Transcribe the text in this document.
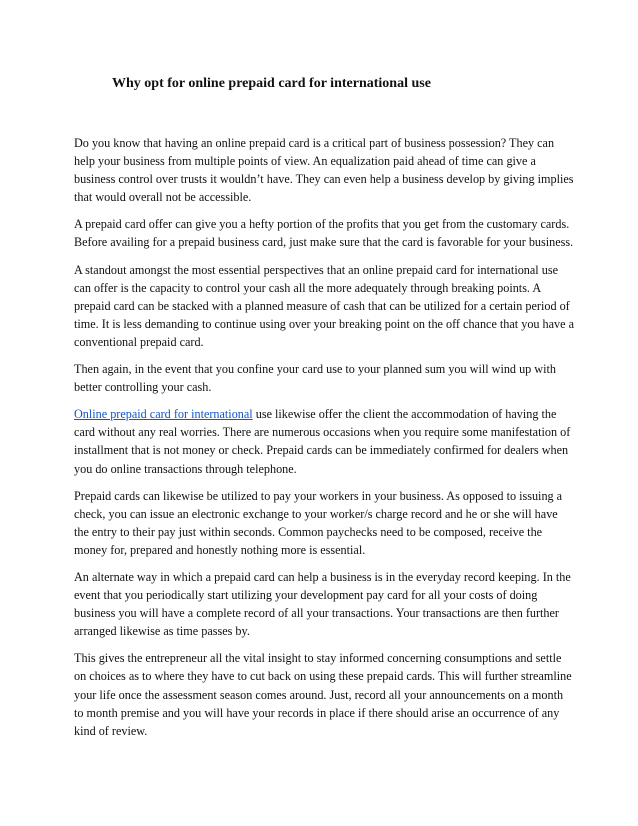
Why opt for online prepaid card for international use

Do you know that having an online prepaid card is a critical part of business possession? They can help your business from multiple points of view. An equalization paid ahead of time can give a business control over trusts it wouldn’t have. They can even help a business develop by giving implies that would overall not be accessible.

A prepaid card offer can give you a hefty portion of the profits that you get from the customary cards. Before availing for a prepaid business card, just make sure that the card is favorable for your business.

A standout amongst the most essential perspectives that an online prepaid card for international use can offer is the capacity to control your cash all the more adequately through breaking points. A prepaid card can be stacked with a planned measure of cash that can be utilized for a certain period of time. It is less demanding to continue using over your breaking point on the off chance that you have a conventional prepaid card.

Then again, in the event that you confine your card use to your planned sum you will wind up with better controlling your cash.

Online prepaid card for international use likewise offer the client the accommodation of having the card without any real worries. There are numerous occasions when you require some manifestation of installment that is not money or check. Prepaid cards can be immediately confirmed for dealers when you do online transactions through telephone.

Prepaid cards can likewise be utilized to pay your workers in your business. As opposed to issuing a check, you can issue an electronic exchange to your worker/s charge record and he or she will have the entry to their pay just within seconds. Common paychecks need to be composed, receive the money for, prepared and honestly nothing more is essential.

An alternate way in which a prepaid card can help a business is in the everyday record keeping. In the event that you periodically start utilizing your development pay card for all your costs of doing business you will have a complete record of all your transactions. Your transactions are then further arranged likewise as time passes by.

This gives the entrepreneur all the vital insight to stay informed concerning consumptions and settle on choices as to where they have to cut back on using these prepaid cards. This will further streamline your life once the assessment season comes around. Just, record all your announcements on a month to month premise and you will have your records in place if there should arise an occurrence of any kind of review.
